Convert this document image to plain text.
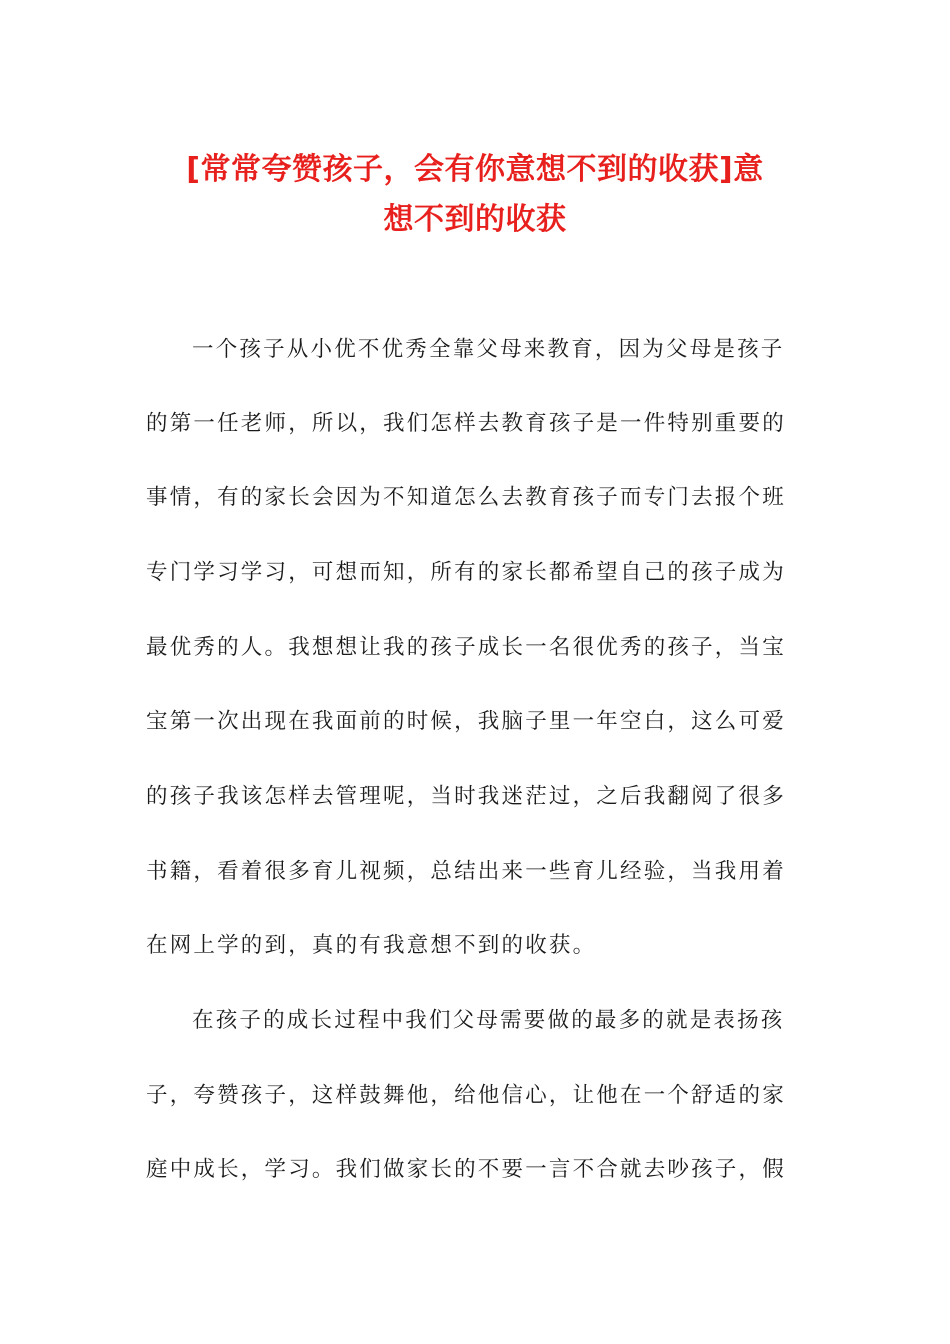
[常常夸赞孩子，会有你意想不到的收获]意
想不到的收获

一个孩子从小优不优秀全靠父母来教育，因为父母是孩子

的第一任老师，所以，我们怎样去教育孩子是一件特别重要的

事情，有的家长会因为不知道怎么去教育孩子而专门去报个班

专门学习学习，可想而知，所有的家长都希望自己的孩子成为

最优秀的人。我想想让我的孩子成长一名很优秀的孩子，当宝

宝第一次出现在我面前的时候，我脑子里一年空白，这么可爱

的孩子我该怎样去管理呢，当时我迷茫过，之后我翻阅了很多

书籍，看着很多育儿视频，总结出来一些育儿经验，当我用着

在网上学的到，真的有我意想不到的收获。

在孩子的成长过程中我们父母需要做的最多的就是表扬孩

子，夸赞孩子，这样鼓舞他，给他信心，让他在一个舒适的家

庭中成长，学习。我们做家长的不要一言不合就去吵孩子，假
